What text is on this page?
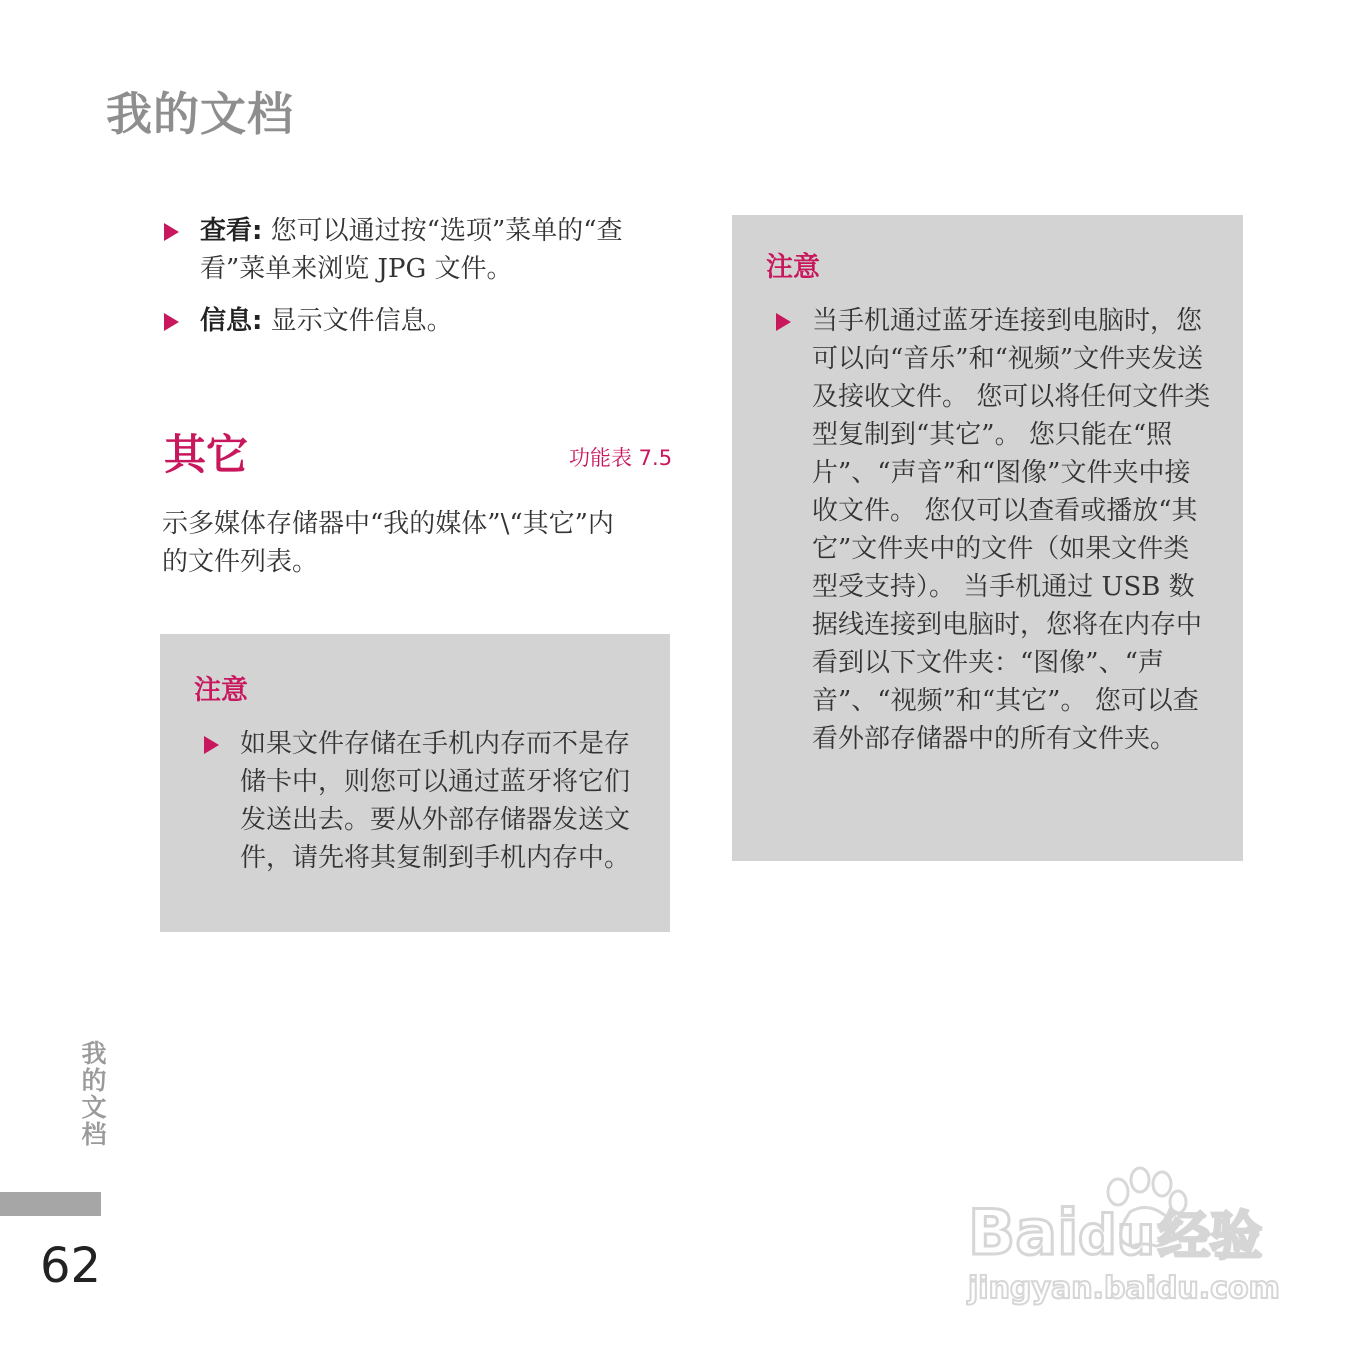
我的文档
查看: 您可以通过按“选项”菜单的“查看”菜单来浏览 JPG 文件。
信息: 显示文件信息。
其它	功能表 7.5
示多媒体存储器中“我的媒体”\“其它”内的文件列表。
注意
如果文件存储在手机内存而不是存储卡中，则您可以通过蓝牙将它们发送出去。要从外部存储器发送文件，请先将其复制到手机内存中。
注意
当手机通过蓝牙连接到电脑时，您可以向“音乐”和“视频”文件夹发送及接收文件。 您可以将任何文件类型复制到“其它”。 您只能在“照片”、“声音”和“图像”文件夹中接收文件。 您仅可以查看或播放“其它”文件夹中的文件（如果文件类型受支持）。 当手机通过 USB 数据线连接到电脑时，您将在内存中看到以下文件夹：“图像”、“声音”、“视频”和“其它”。 您可以查看外部存储器中的所有文件夹。
我的文档
62	Bai du 经验
jingyan.baidu.com
